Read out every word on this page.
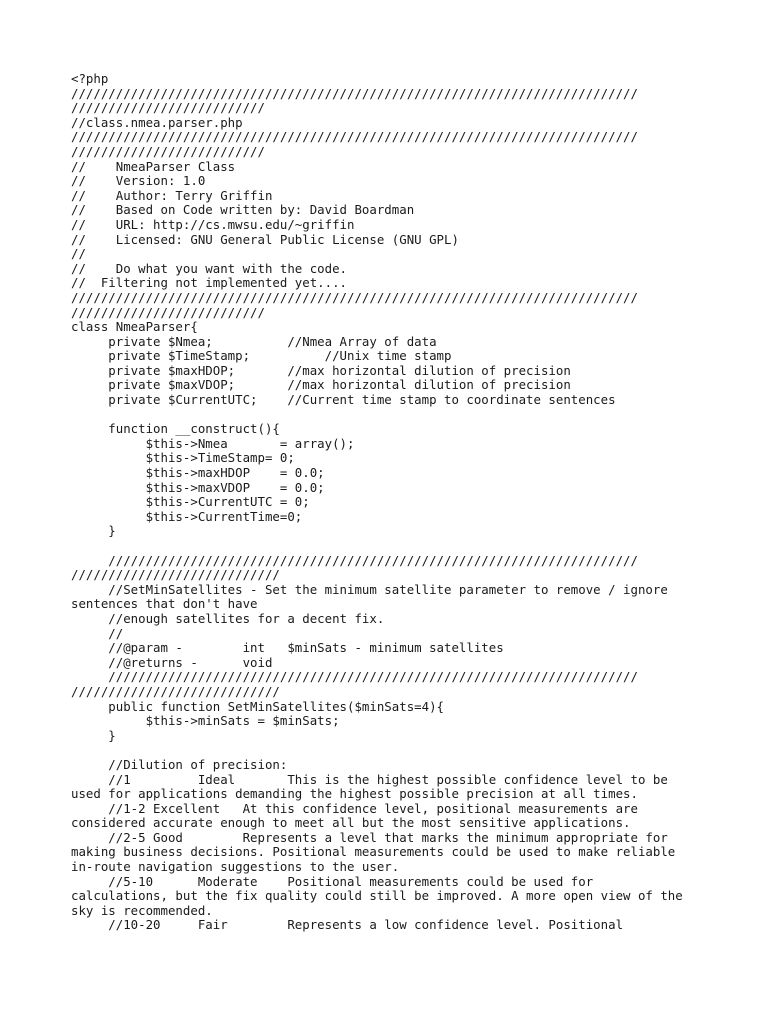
<?php
////////////////////////////////////////////////////////////////////////////
//////////////////////////
//class.nmea.parser.php
////////////////////////////////////////////////////////////////////////////
//////////////////////////
//    NmeaParser Class
//    Version: 1.0
//    Author: Terry Griffin
//    Based on Code written by: David Boardman
//    URL: http://cs.mwsu.edu/~griffin
//    Licensed: GNU General Public License (GNU GPL)
//
//    Do what you want with the code.
//  Filtering not implemented yet....
////////////////////////////////////////////////////////////////////////////
//////////////////////////
class NmeaParser{
private $Nmea;          //Nmea Array of data
private $TimeStamp;          //Unix time stamp
private $maxHDOP;       //max horizontal dilution of precision
private $maxVDOP;       //max horizontal dilution of precision
private $CurrentUTC;    //Current time stamp to coordinate sentences
function __construct(){
$this->Nmea       = array();
$this->TimeStamp= 0;
$this->maxHDOP    = 0.0;
$this->maxVDOP    = 0.0;
$this->CurrentUTC = 0;
$this->CurrentTime=0;
}
///////////////////////////////////////////////////////////////////////
////////////////////////////
//SetMinSatellites - Set the minimum satellite parameter to remove / ignore
sentences that don't have
//enough satellites for a decent fix.
//
//@param -        int   $minSats - minimum satellites
//@returns -      void
///////////////////////////////////////////////////////////////////////
////////////////////////////
public function SetMinSatellites($minSats=4){
$this->minSats = $minSats;
}
//Dilution of precision:
//1         Ideal       This is the highest possible confidence level to be
used for applications demanding the highest possible precision at all times.
//1-2 Excellent   At this confidence level, positional measurements are
considered accurate enough to meet all but the most sensitive applications.
//2-5 Good        Represents a level that marks the minimum appropriate for
making business decisions. Positional measurements could be used to make reliable
in-route navigation suggestions to the user.
//5-10      Moderate    Positional measurements could be used for
calculations, but the fix quality could still be improved. A more open view of the
sky is recommended.
//10-20     Fair        Represents a low confidence level. Positional
